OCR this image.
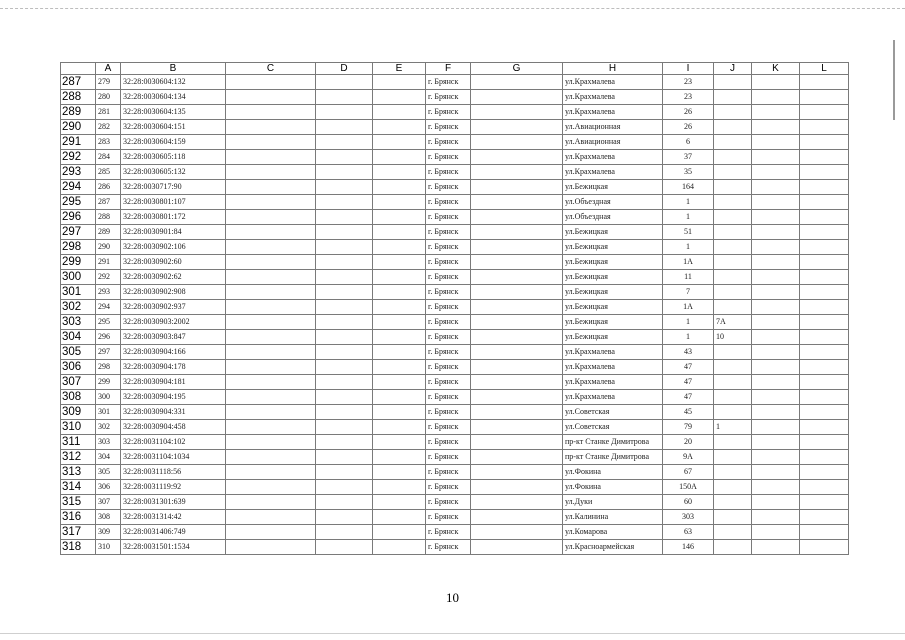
	A	B	C	D	E	F	G	H	I	J	K	L
287	279	32:28:0030604:132				г. Брянск		ул.Крахмалева	23			
288	280	32:28:0030604:134				г. Брянск		ул.Крахмалева	23			
289	281	32:28:0030604:135				г. Брянск		ул.Крахмалева	26			
290	282	32:28:0030604:151				г. Брянск		ул.Авиационная	26			
291	283	32:28:0030604:159				г. Брянск		ул.Авиационная	6			
292	284	32:28:0030605:118				г. Брянск		ул.Крахмалева	37			
293	285	32:28:0030605:132				г. Брянск		ул.Крахмалева	35			
294	286	32:28:0030717:90				г. Брянск		ул.Бежицкая	164			
295	287	32:28:0030801:107				г. Брянск		ул.Объездная	1			
296	288	32:28:0030801:172				г. Брянск		ул.Объездная	1			
297	289	32:28:0030901:84				г. Брянск		ул.Бежицкая	51			
298	290	32:28:0030902:106				г. Брянск		ул.Бежицкая	1			
299	291	32:28:0030902:60				г. Брянск		ул.Бежицкая	1А			
300	292	32:28:0030902:62				г. Брянск		ул.Бежицкая	11			
301	293	32:28:0030902:908				г. Брянск		ул.Бежицкая	7			
302	294	32:28:0030902:937				г. Брянск		ул.Бежицкая	1А			
303	295	32:28:0030903:2002				г. Брянск		ул.Бежицкая	1	7А		
304	296	32:28:0030903:847				г. Брянск		ул.Бежицкая	1	10		
305	297	32:28:0030904:166				г. Брянск		ул.Крахмалева	43			
306	298	32:28:0030904:178				г. Брянск		ул.Крахмалева	47			
307	299	32:28:0030904:181				г. Брянск		ул.Крахмалева	47			
308	300	32:28:0030904:195				г. Брянск		ул.Крахмалева	47			
309	301	32:28:0030904:331				г. Брянск		ул.Советская	45			
310	302	32:28:0030904:458				г. Брянск		ул.Советская	79	1		
311	303	32:28:0031104:102				г. Брянск		пр-кт Станке Димитрова	20			
312	304	32:28:0031104:1034				г. Брянск		пр-кт Станке Димитрова	9А			
313	305	32:28:0031118:56				г. Брянск		ул.Фокина	67			
314	306	32:28:0031119:92				г. Брянск		ул.Фокина	150А			
315	307	32:28:0031301:639				г. Брянск		ул.Дуки	60			
316	308	32:28:0031314:42				г. Брянск		ул.Калинина	303			
317	309	32:28:0031406:749				г. Брянск		ул.Комарова	63			
318	310	32:28:0031501:1534				г. Брянск		ул.Красноармейская	146			
10
